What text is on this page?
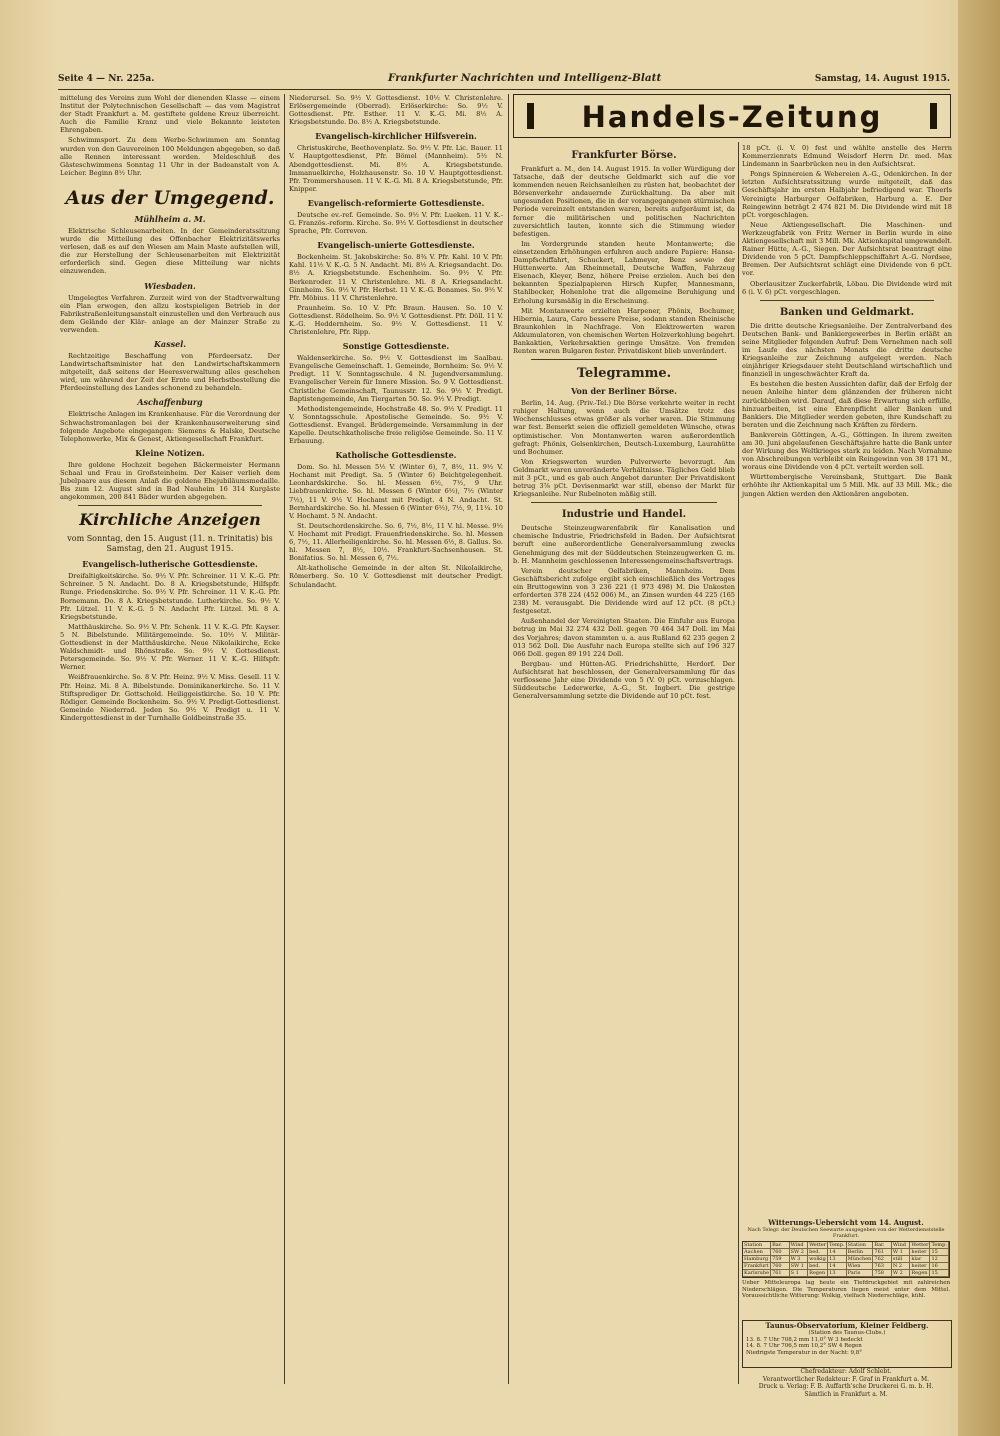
Seite 4 — Nr. 225a.	Frankfurter Nachrichten und Intelligenz-Blatt	Samstag, 14. August 1915.

mittelung des Vereins zum Wohl der dienenden Klasse — einem Institut der Polytechnischen Gesellschaft — das vom Magistrat der Stadt Frankfurt a. M. gestiftete goldene Kreuz überreicht. Auch die Familie Kranz und viele Bekannte leisteten Ehrengaben.

Schwimmsport. Zu dem Werbe-Schwimmen am Sonntag wurden von den Gauvereinen 100 Meldungen abgegeben, so daß alle Rennen interessant werden. Meldeschluß des Gästeschwimmens Sonntag 11 Uhr in der Badeanstalt von A. Leicher. Beginn 8½ Uhr.

Aus der Umgegend.
Mühlheim a. M.

Elektrische Schleusenarbeiten. In der Gemeinderatssitzung wurde die Mitteilung des Offenbacher Elektrizitätswerks verlesen, daß es auf den Wiesen am Main Maste aufstellen will, die zur Herstellung der Schleusenarbeiten mit Elektrizität erforderlich sind. Gegen diese Mitteilung war nichts einzuwenden.

Wiesbaden.

Umgelegtes Verfahren. Zurzeit wird von der Stadtverwaltung ein Plan erwogen, den allzu kostspieligen Betrieb in der Fabrikstraßenleitungsanstalt einzustellen und den Verbrauch aus dem Gelände der Klär- anlage an der Mainzer Straße zu verwenden.

Kassel.

Rechtzeitige Beschaffung von Pferdeersatz. Der Landwirtschaftsminister hat den Landwirtschaftskammern mitgeteilt, daß seitens der Heeresverwaltung alles geschehen wird, um während der Zeit der Ernte und Herbstbestellung die Pferdeeinstellung des Landes schonend zu behandeln.

Aschaffenburg

Elektrische Anlagen im Krankenhause. Für die Verordnung der Schwachstromanlagen bei der Krankenhauserweiterung sind folgende Angebote eingegangen: Siemens & Halske, Deutsche Telephonwerke, Mix & Genest, Aktiengesellschaft Frankfurt.

Kleine Notizen.

Ihre goldene Hochzeit begehen Bäckermeister Hermann Schaal und Frau in Großsteinheim. Der Kaiser verlieh dem Jubelpaare aus diesem Anlaß die goldene Ehejubiläumsmedaille. Bis zum 12. August sind in Bad Nauheim 16 314 Kurgäste angekommen, 200 841 Bäder wurden abgegeben.

Kirchliche Anzeigen
vom Sonntag, den 15. August (11. n. Trinitatis) bis Samstag, den 21. August 1915.
Evangelisch-lutherische Gottesdienste.

Dreifaltigkeitskirche. So. 9½ V. Pfr. Schreiner. 11 V. K.-G. Pfr. Schreiner. 5 N. Andacht. Do. 8 A. Kriegsbetstunde, Hilfspfr. Runge. Friedenskirche. So. 9½ V. Pfr. Schreiner. 11 V. K.-G. Pfr. Bornemann. Do. 8 A. Kriegsbetstunde. Lutherkirche. So. 9½ V. Pfr. Lützel. 11 V. K.-G. 5 N. Andacht Pfr. Lützel. Mi. 8 A. Kriegsbetstunde.

Matthäuskirche. So. 9½ V. Pfr. Schenk. 11 V. K.-G. Pfr. Kayser. 5 N. Bibelstunde. Militärgemeinde. So. 10½ V. Militär-Gottesdienst in der Matthäuskirche. Neue Nikolaikirche, Ecke Waldschmidt- und Rhönstraße. So. 9½ V. Gottesdienst. Petersgemeinde. So. 9½ V. Pfr. Werner. 11 V. K.-G. Hilfspfr. Werner.

Weißfrauenkirche. So. 8 V. Pfr. Heinz. 9½ V. Miss. Gesell. 11 V. Pfr. Heinz. Mi. 8 A. Bibelstunde. Dominikanerkirche. So. 11 V. Stiftsprediger Dr. Gottschold. Heiliggeistkirche. So. 10 V. Pfr. Rödiger. Gemeinde Bockenheim. So. 9½ V. Predigt-Gottesdienst. Gemeinde Niederrad. Jeden So. 9½ V. Predigt u. 11 V. Kindergottesdienst in der Turnhalle Goldbeinstraße 35.

Niederursel. So. 9½ V. Gottesdienst. 10½ V. Christenlehre. Erlösergemeinde (Oberrad). Erlöserkirche: So. 9½ V. Gottesdienst. Pfr. Esther. 11 V. K.-G. Mi. 8½ A. Kriegsbetstunde. Do. 8½ A. Kriegsbetstunde.

Evangelisch-kirchlicher Hilfsverein.

Christuskirche, Beethovenplatz. So. 9½ V. Pfr. Lic. Bauer. 11 V. Hauptgottesdienst, Pfr. Bömel (Mannheim). 5½ N. Abendgottesdienst. Mi. 8½ A. Kriegsbetstunde. Immanuelkirche, Holzhausenstr. So. 10 V. Hauptgottesdienst. Pfr. Trommershausen. 11 V. K.-G. Mi. 8 A. Kriegsbetstunde, Pfr. Knipper.

Evangelisch-reformierte Gottesdienste.

Deutsche ev.-ref. Gemeinde. So. 9½ V. Pfr. Lueken. 11 V. K.-G. Französ.-reform. Kirche. So. 9½ V. Gottesdienst in deutscher Sprache, Pfr. Correvon.

Evangelisch-unierte Gottesdienste.

Bockenheim. St. Jakobskirche: So. 8¾ V. Pfr. Kahl. 10 V. Pfr. Kahl. 11½ V. K.-G. 5 N. Andacht. Mi. 8½ A. Kriegsandacht. Do. 8½ A. Kriegsbetstunde. Eschenheim. So. 9½ V. Pfr. Berkenroder. 11 V. Christenlehre. Mi. 8 A. Kriegsandacht. Ginnheim. So. 9½ V. Pfr. Herbst. 11 V. K.-G. Bonames. So. 9½ V. Pfr. Möbius. 11 V. Christenlehre.

Praunheim. So. 10 V. Pfr. Braun. Hausen. So. 10 V. Gottesdienst. Rödelheim. So. 9½ V. Gottesdienst. Pfr. Döll. 11 V. K.-G. Heddernheim. So. 9½ V. Gottesdienst. 11 V. Christenlehre, Pfr. Ripp.

Sonstige Gottesdienste.

Waldenserkirche. So. 9½ V. Gottesdienst im Saalbau. Evangelische Gemeinschaft. 1. Gemeinde, Bornheim: So. 9½ V. Predigt. 11 V. Sonntagsschule. 4 N. Jugendversammlung. Evangelischer Verein für Innere Mission. So. 9 V. Gottesdienst. Christliche Gemeinschaft, Taunusstr. 12. So. 9½ V. Predigt. Baptistengemeinde, Am Tiergarten 50. So. 9½ V. Predigt.

Methodistengemeinde, Hochstraße 48. So. 9½ V. Predigt. 11 V. Sonntagsschule. Apostolische Gemeinde. So. 9½ V. Gottesdienst. Evangel. Brüdergemeinde. Versammlung in der Kapelle. Deutschkatholische freie religiöse Gemeinde. So. 11 V. Erbauung.

Katholische Gottesdienste.

Dom. So. hl. Messen 5½ V. (Winter 6), 7, 8½, 11. 9½ V. Hochamt mit Predigt. Sa. 5 (Winter 6) Beichtgelegenheit. Leonhardskirche. So. hl. Messen 6½, 7½, 9 Uhr. Liebfrauenkirche. So. hl. Messen 6 (Winter 6½), 7½ (Winter 7½), 11 V. 9½ V. Hochamt mit Predigt. 4 N. Andacht. St. Bernhardskirche. So. hl. Messen 6 (Winter 6½), 7½, 9, 11¼. 10 V. Hochamt. 5 N. Andacht.

St. Deutschordenskirche. So. 6, 7½, 8½, 11 V. hl. Messe. 9½ V. Hochamt mit Predigt. Frauenfriedenskirche. So. hl. Messen 6, 7½, 11. Allerheiligenkirche. So. hl. Messen 6½, 8. Gallus. So. hl. Messen 7, 8½, 10½. Frankfurt-Sachsenhausen. St. Bonifatius. So. hl. Messen 6, 7½.

Alt-katholische Gemeinde in der alten St. Nikolaikirche, Römerberg. So. 10 V. Gottesdienst mit deutscher Predigt. Schulandacht.

Handels-Zeitung
Frankfurter Börse.

Frankfurt a. M., den 14. August 1915. In voller Würdigung der Tatsache, daß der deutsche Geldmarkt sich auf die vor kommenden neuen Reichsanleihen zu rüsten hat, beobachtet der Börsenverkehr andauernde Zurückhaltung. Da aber mit ungesunden Positionen, die in der vorangegangenen stürmischen Periode vereinzelt entstanden waren, bereits aufgeräumt ist, da ferner die militärischen und politischen Nachrichten zuversichtlich lauten, konnte sich die Stimmung wieder befestigen.

Im Vordergrunde standen heute Montanwerte; die einsetzenden Erhöhungen erfuhren auch andere Papiere: Hansa-Dampfschiffahrt, Schuckert, Lahmeyer, Benz sowie der Hüttenwerte. Am Rheinmetall, Deutsche Waffen, Fahrzeug Eisenach, Kleyer, Benz, höhere Preise erzielen. Auch bei den bekannten Spezialpapieren Hirsch Kupfer, Mannesmann, Stahlbocker, Hohenlohe trat die allgemeine Beruhigung und Erholung kursmäßig in die Erscheinung.

Mit Montanwerte erzielten Harpener, Phönix, Bochumer, Hibernia, Laura, Caro bessere Preise, sodann standen Rheinische Braunkohlen in Nachfrage. Von Elektrowerten waren Akkumulatoren, von chemischen Werten Holzverkohlung begehrt. Bankaktien, Verkehrsaktien geringe Umsätze. Von fremden Renten waren Bulgaren fester. Privatdiskont blieb unverändert.

Telegramme.
Von der Berliner Börse.

Berlin, 14. Aug. (Priv.-Tel.) Die Börse verkehrte weiter in recht ruhiger Haltung, wenn auch die Umsätze trotz des Wochenschlusses etwas größer als vorher waren. Die Stimmung war fest. Bemerkt seien die offiziell gemeldeten Wünsche, etwas optimistischer. Von Montanwerten waren außerordentlich gefragt: Phönix, Gelsenkirchen, Deutsch-Luxemburg, Laurahütte und Bochumer.

Von Kriegswerten wurden Pulverwerte bevorzugt. Am Geldmarkt waren unveränderte Verhältnisse. Tägliches Geld blieb mit 3 pCt., und es gab auch Angebot darunter. Der Privatdiskont betrug 3⅞ pCt. Devisenmarkt war still, ebenso der Markt für Kriegsanleihe. Nur Rubelnoten mäßig still.

Industrie und Handel.

Deutsche Steinzeugwarenfabrik für Kanalisation und chemische Industrie, Friedrichsfeld in Baden. Der Aufsichtsrat beruft eine außerordentliche Generalversammlung zwecks Genehmigung des mit der Süddeutschen Steinzeugwerken G. m. b. H. Mannheim geschlossenen Interessengemeinschaftsvertrags.

Verein deutscher Oelfabriken, Mannheim. Dem Geschäftsbericht zufolge ergibt sich einschließlich des Vortrages ein Bruttogewinn von 3 236 221 (1 973 498) M. Die Unkosten erforderten 378 224 (452 006) M., an Zinsen wurden 44 225 (165 238) M. verausgabt. Die Dividende wird auf 12 pCt. (8 pCt.) festgesetzt.

Außenhandel der Vereinigten Staaten. Die Einfuhr aus Europa betrug im Mai 32 274 432 Doll. gegen 70 464 347 Doll. im Mai des Vorjahres; davon stammten u. a. aus Rußland 62 235 gegen 2 013 562 Doll. Die Ausfuhr nach Europa stellte sich auf 196 327 066 Doll. gegen 89 191 224 Doll.

Bergbau- und Hütten-AG. Friedrichshütte, Herdorf. Der Aufsichtsrat hat beschlossen, der Generalversammlung für das verflossene Jahr eine Dividende von 5 (V. 0) pCt. vorzuschlagen. Süddeutsche Lederwerke, A.-G., St. Ingbert. Die gestrige Generalversammlung setzte die Dividende auf 10 pCt. fest.

18 pCt. (i. V. 0) fest und wählte anstelle des Herrn Kommerzienrats Edmund Weisdorf Herrn Dr. med. Max Lindemann in Saarbrücken neu in den Aufsichtsrat.

Pongs Spinnereien & Webereien A.-G., Odenkirchen. In der letzten Aufsichtsratssitzung wurde mitgeteilt, daß das Geschäftsjahr im ersten Halbjahr befriedigend war. Thoerls Vereinigte Harburger Oelfabriken, Harburg a. E. Der Reingewinn beträgt 2 474 821 M. Die Dividende wird mit 18 pCt. vorgeschlagen.

Neue Aktiengesellschaft. Die Maschinen- und Werkzeugfabrik von Fritz Werner in Berlin wurde in eine Aktiengesellschaft mit 3 Mill. Mk. Aktienkapital umgewandelt. Rainer Hütte, A.-G., Siegen. Der Aufsichtsrat beantragt eine Dividende von 5 pCt. Dampfschleppschiffahrt A.-G. Nordsee, Bremen. Der Aufsichtsrat schlägt eine Dividende von 6 pCt. vor.

Oberlausitzer Zuckerfabrik, Löbau. Die Dividende wird mit 6 (i. V. 6) pCt. vorgeschlagen.

Banken und Geldmarkt.

Die dritte deutsche Kriegsanleihe. Der Zentralverband des Deutschen Bank- und Bankiergewerbes in Berlin erläßt an seine Mitglieder folgenden Aufruf: Dem Vernehmen nach soll im Laufe des nächsten Monats die dritte deutsche Kriegsanleihe zur Zeichnung aufgelegt werden. Nach einjähriger Kriegsdauer steht Deutschland wirtschaftlich und finanziell in ungeschwächter Kraft da.

Es bestehen die besten Aussichten dafür, daß der Erfolg der neuen Anleihe hinter dem glänzenden der früheren nicht zurückbleiben wird. Darauf, daß diese Erwartung sich erfülle, hinzuarbeiten, ist eine Ehrenpflicht aller Banken und Bankiers. Die Mitglieder werden gebeten, ihre Kundschaft zu beraten und die Zeichnung nach Kräften zu fördern.

Bankverein Göttingen, A.-G., Göttingen. In ihrem zweiten am 30. Juni abgelaufenen Geschäftsjahre hatte die Bank unter der Wirkung des Weltkrieges stark zu leiden. Nach Vornahme von Abschreibungen verbleibt ein Reingewinn von 38 171 M., woraus eine Dividende von 4 pCt. verteilt werden soll.

Württembergische Vereinsbank, Stuttgart. Die Bank erhöhte ihr Aktienkapital um 5 Mill. Mk. auf 33 Mill. Mk.; die jungen Aktien werden den Aktionären angeboten.

Witterungs-Uebersicht vom 14. August.
Nach Telegr. der Deutschen Seewarte ausgegeben von der Wetterdienststelle Frankfurt.
Station	Bar.	Wind	Wetter Temp. Station	Bar.	Wind	Wetter Temp.
Aachen	760	SW 2	bed.	14	Berlin	761	W 1	heiter 15
Hamburg 759	W 3	wolkig 13	München 762	still	klar	12
Frankfurt 760	SW 1	bed.	14	Wien	763	N 2	heiter 16
Karlsruhe 761	S 1	Regen 13	Paris	758	W 2	Regen 15
Ueber Mitteleuropa lag heute ein Tiefdruckgebiet mit zahlreichen Niederschlägen. Die Temperaturen liegen meist unter dem Mittel. Voraussichtliche Witterung: Wolkig, vielfach Niederschläge, kühl.
Taunus-Observatorium, Kleiner Feldberg.
(Station des Taunus-Clubs.)
13. 8. 7 Uhr 708,2 mm 11,0° W 3 bedeckt
14. 8. 7 Uhr 706,5 mm 10,2° SW 4 Regen
Niedrigste Temperatur in der Nacht: 9,8°
Chefredakteur: Adolf Schlebt.
Verantwortlicher Redakteur: F. Graf in Frankfurt a. M.
Druck u. Verlag: F. B. Auffarth'sche Druckerei G. m. b. H.
Sämtlich in Frankfurt a. M.
